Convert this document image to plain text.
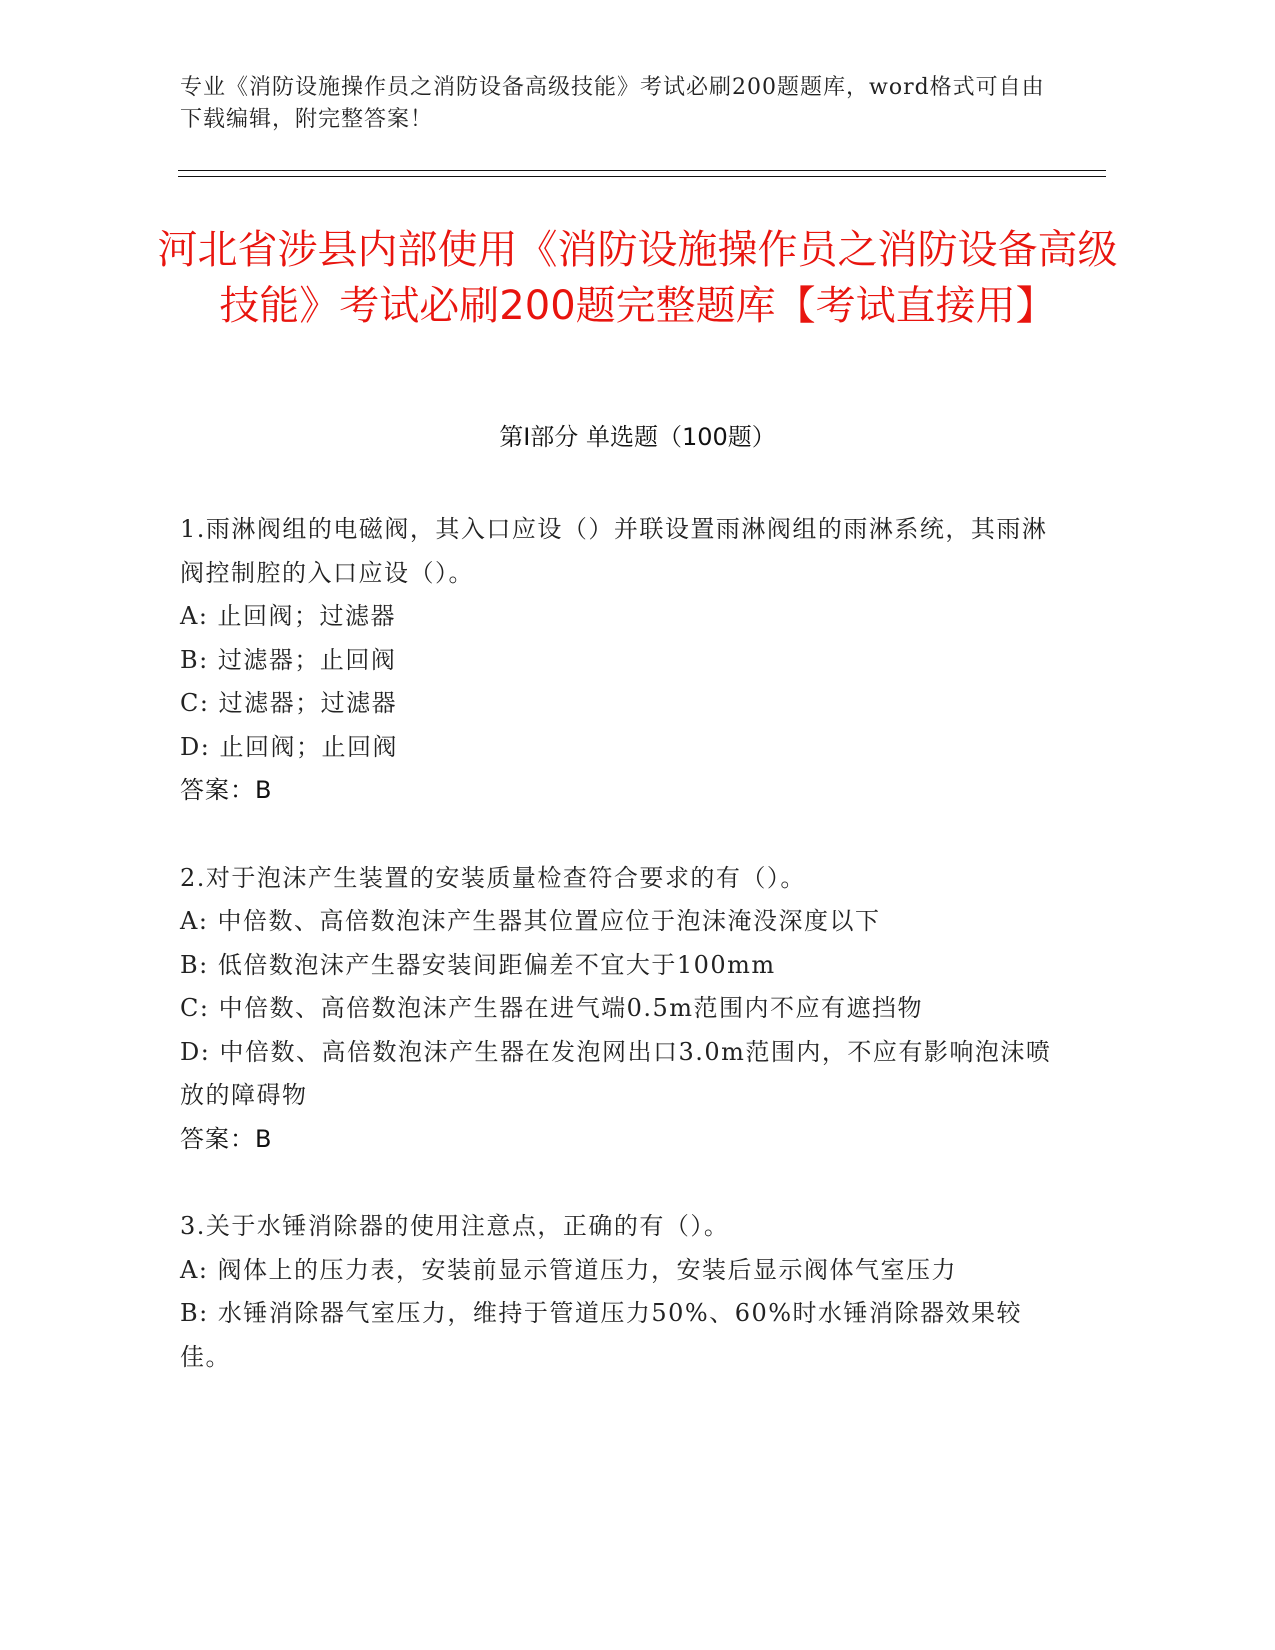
专业《消防设施操作员之消防设备高级技能》考试必刷200题题库，word格式可自由下载编辑，附完整答案！
河北省涉县内部使用《消防设施操作员之消防设备高级技能》考试必刷200题完整题库【考试直接用】
第I部分 单选题（100题）

1.雨淋阀组的电磁阀，其入口应设（）并联设置雨淋阀组的雨淋系统，其雨淋阀控制腔的入口应设（）。

A: 止回阀；过滤器

B: 过滤器；止回阀

C: 过滤器；过滤器

D: 止回阀；止回阀

答案：B

2.对于泡沫产生装置的安装质量检查符合要求的有（）。

A: 中倍数、高倍数泡沫产生器其位置应位于泡沫淹没深度以下

B: 低倍数泡沫产生器安装间距偏差不宜大于100mm

C: 中倍数、高倍数泡沫产生器在进气端0.5m范围内不应有遮挡物

D: 中倍数、高倍数泡沫产生器在发泡网出口3.0m范围内，不应有影响泡沫喷放的障碍物

答案：B

3.关于水锤消除器的使用注意点，正确的有（）。

A: 阀体上的压力表，安装前显示管道压力，安装后显示阀体气室压力

B: 水锤消除器气室压力，维持于管道压力50%、60%时水锤消除器效果较佳。
